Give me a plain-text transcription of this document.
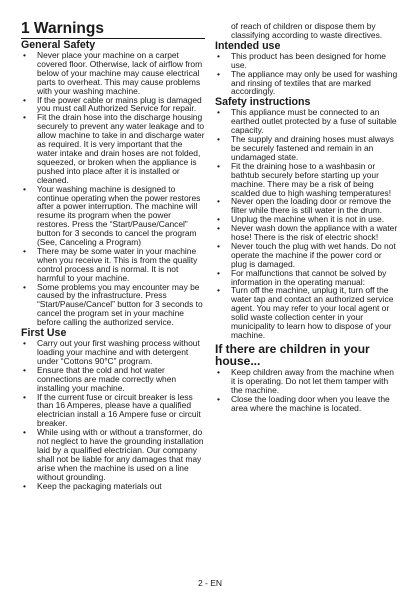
1 Warnings
General Safety
• Never place your machine on a carpet covered floor. Otherwise, lack of airflow from below of your machine may cause electrical parts to overheat. This may cause problems with your washing machine.
• If the power cable or mains plug is damaged you must call Authorized Service for repair.
• Fit the drain hose into the discharge housing securely to prevent any water leakage and to allow machine to take in and discharge water as required. It is very important that the water intake and drain hoses are not folded, squeezed, or broken when the appliance is pushed into place after it is installed or cleaned.
• Your washing machine is designed to continue operating when the power restores after a power interruption. The machine will resume its program when the power restores. Press the “Start/Pause/Cancel” button for 3 seconds to cancel the program (See, Canceling a Program)
• There may be some water in your machine when you receive it. This is from the quality control process and is normal. It is not harmful to your machine.
• Some problems you may encounter may be caused by the infrastructure. Press “Start/Pause/Cancel” button for 3 seconds to cancel the program set in your machine before calling the authorized service.
First Use
• Carry out your first washing process without loading your machine and with detergent under “Cottons 90°C” program.
• Ensure that the cold and hot water connections are made correctly when installing your machine.
• If the current fuse or circuit breaker is less than 16 Amperes, please have a qualified electrician install a 16 Ampere fuse or circuit breaker.
• While using with or without a transformer, do not neglect to have the grounding installation laid by a qualified electrician. Our company shall not be liable for any damages that may arise when the machine is used on a line without grounding.
• Keep the packaging materials out
of reach of children or dispose them by classifying according to waste directives.
Intended use
• This product has been designed for home use.
• The appliance may only be used for washing and rinsing of textiles that are marked accordingly.
Safety instructions
• This appliance must be connected to an earthed outlet protected by a fuse of suitable capacity.
• The supply and draining hoses must always be securely fastened and remain in an undamaged state.
• Fit the draining hose to a washbasin or bathtub securely before starting up your machine. There may be a risk of being scalded due to high washing temperatures!
• Never open the loading door or remove the filter while there is still water in the drum.
• Unplug the machine when it is not in use.
• Never wash down the appliance with a water hose! There is the risk of electric shock!
• Never touch the plug with wet hands. Do not operate the machine if the power cord or plug is damaged.
• For malfunctions that cannot be solved by information in the operating manual:
• Turn off the machine, unplug it, turn off the water tap and contact an authorized service agent. You may refer to your local agent or solid waste collection center in your municipality to learn how to dispose of your machine.
If there are children in your house...
• Keep children away from the machine when it is operating. Do not let them tamper with the machine.
• Close the loading door when you leave the area where the machine is located.
2 - EN
